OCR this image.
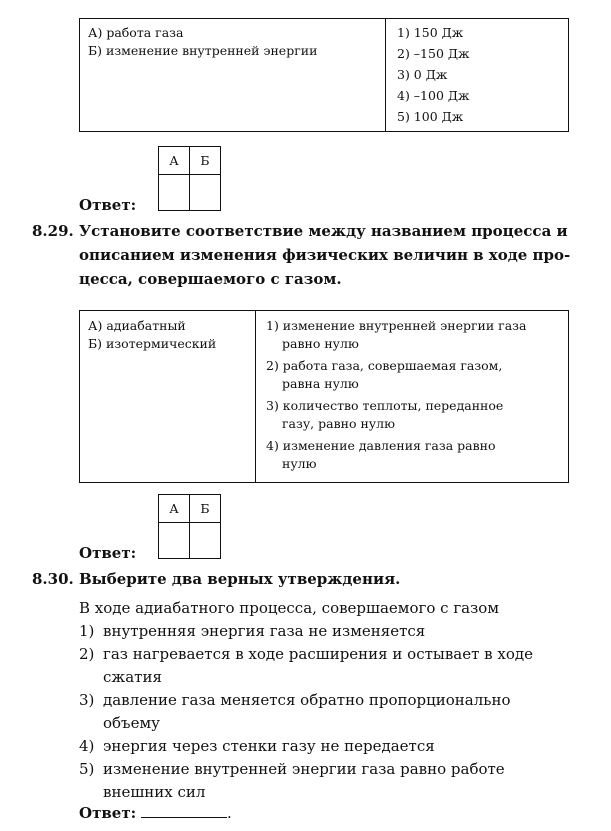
А) работа газа
Б) изменение внутренней энергии
1) 150 Дж
2) –150 Дж
3) 0 Дж
4) –100 Дж
5) 100 Дж
Ответ:
А	Б

8.29. Установите соответствие между названием процесса и
описанием изменения физических величин в ходе про-
цесса, совершаемого с газом.
А) адиабатный
Б) изотермический
1) изменение внутренней энергии газа
равно нулю
2) работа газа, совершаемая газом,
равна нулю
3) количество теплоты, переданное
газу, равно нулю
4) изменение давления газа равно
нулю
Ответ:
А	Б

8.30. Выберите два верных утверждения.
В ходе адиабатного процесса, совершаемого с газом
1) внутренняя энергия газа не изменяется
2) газ нагревается в ходе расширения и остывает в ходе
сжатия
3) давление газа меняется обратно пропорционально
объему
4) энергия через стенки газу не передается
5) изменение внутренней энергии газа равно работе
внешних сил
Ответ:	.
